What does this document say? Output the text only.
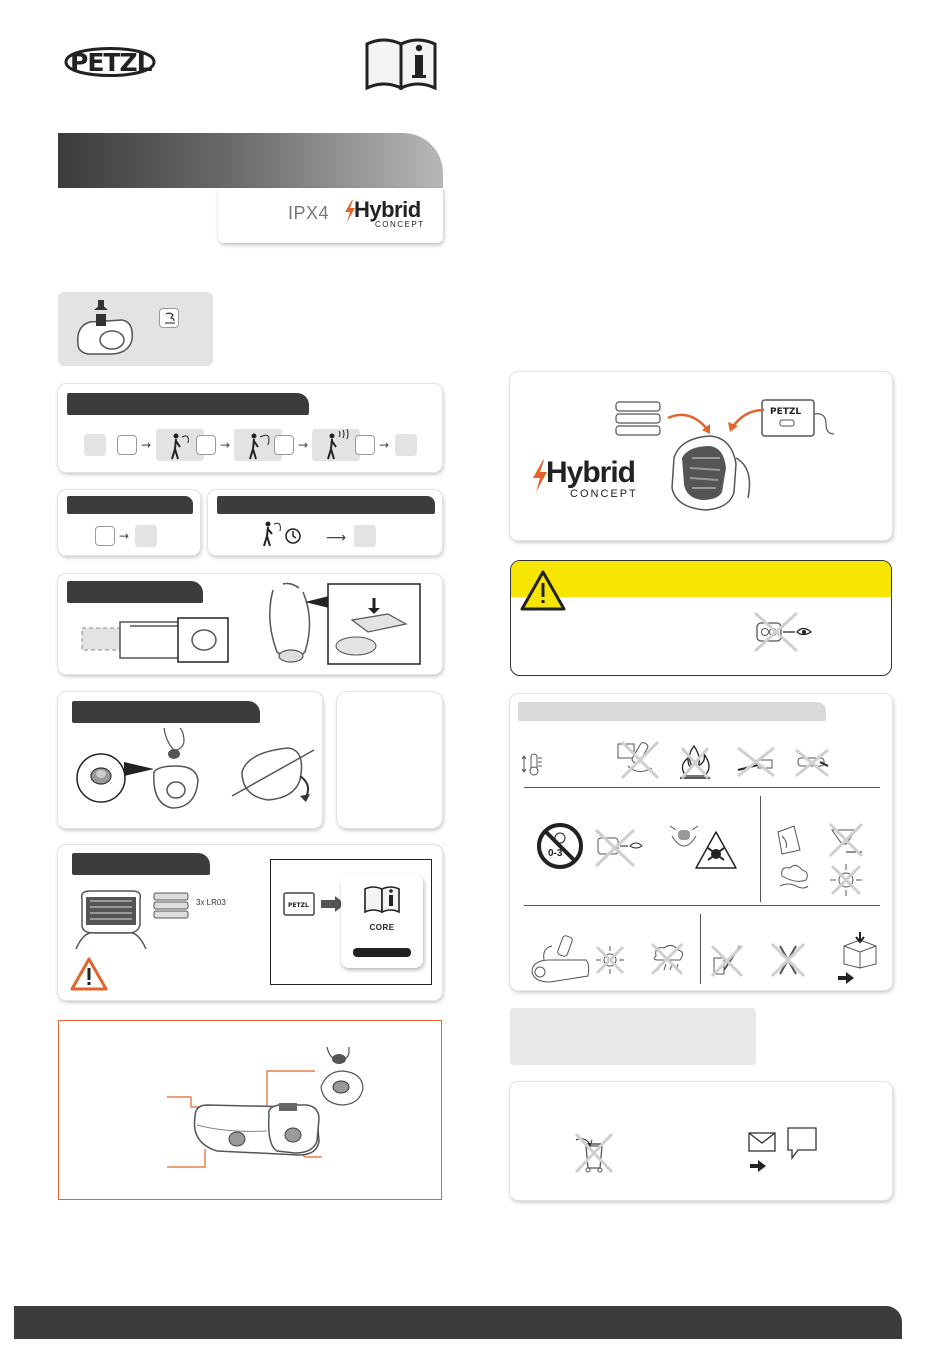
PETZL
IPX4 Hybrid
CONCEPT
→	→	→	→
→	⟶
3x LR03	PETZL
CORE
PETZL
Hybrid
CONCEPT
0-3
